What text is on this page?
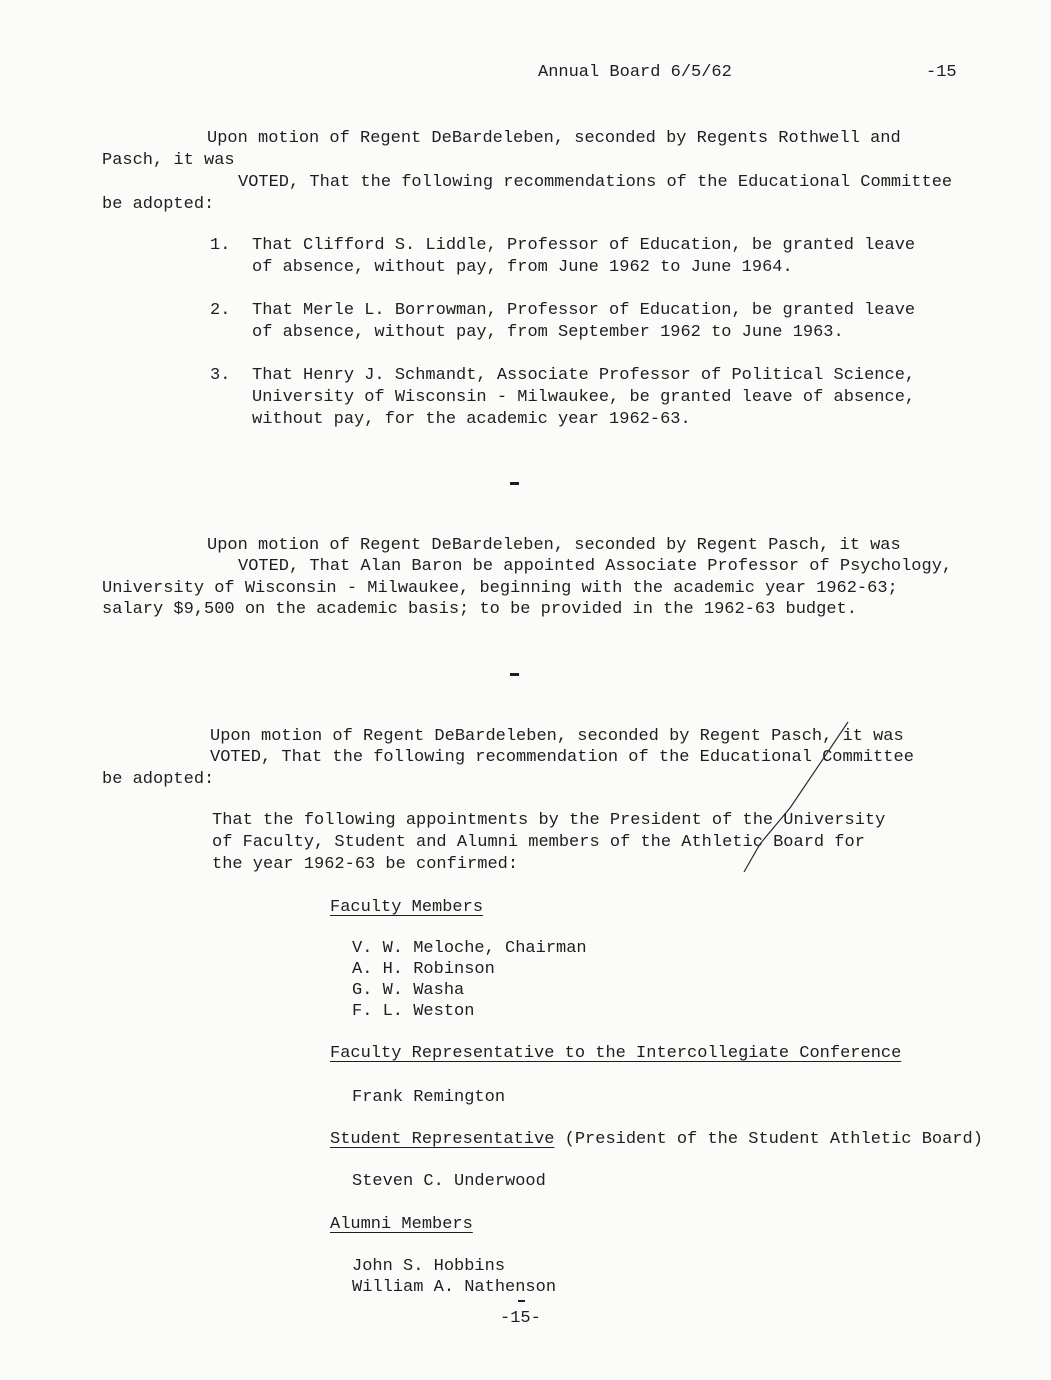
Annual Board 6/5/62	-15
Upon motion of Regent DeBardeleben, seconded by Regents Rothwell and
Pasch, it was
VOTED, That the following recommendations of the Educational Committee
be adopted:
1. That Clifford S. Liddle, Professor of Education, be granted leave
of absence, without pay, from June 1962 to June 1964.
2. That Merle L. Borrowman, Professor of Education, be granted leave
of absence, without pay, from September 1962 to June 1963.
3. That Henry J. Schmandt, Associate Professor of Political Science,
University of Wisconsin - Milwaukee, be granted leave of absence,
without pay, for the academic year 1962-63.
Upon motion of Regent DeBardeleben, seconded by Regent Pasch, it was
VOTED, That Alan Baron be appointed Associate Professor of Psychology,
University of Wisconsin - Milwaukee, beginning with the academic year 1962-63;
salary $9,500 on the academic basis; to be provided in the 1962-63 budget.
Upon motion of Regent DeBardeleben, seconded by Regent Pasch, it was
VOTED, That the following recommendation of the Educational Committee
be adopted:
That the following appointments by the President of the University
of Faculty, Student and Alumni members of the Athletic Board for
the year 1962-63 be confirmed:
Faculty Members
V. W. Meloche, Chairman
A. H. Robinson
G. W. Washa
F. L. Weston
Faculty Representative to the Intercollegiate Conference
Frank Remington
Student Representative (President of the Student Athletic Board)
Steven C. Underwood
Alumni Members
John S. Hobbins
William A. Nathenson
-15-
